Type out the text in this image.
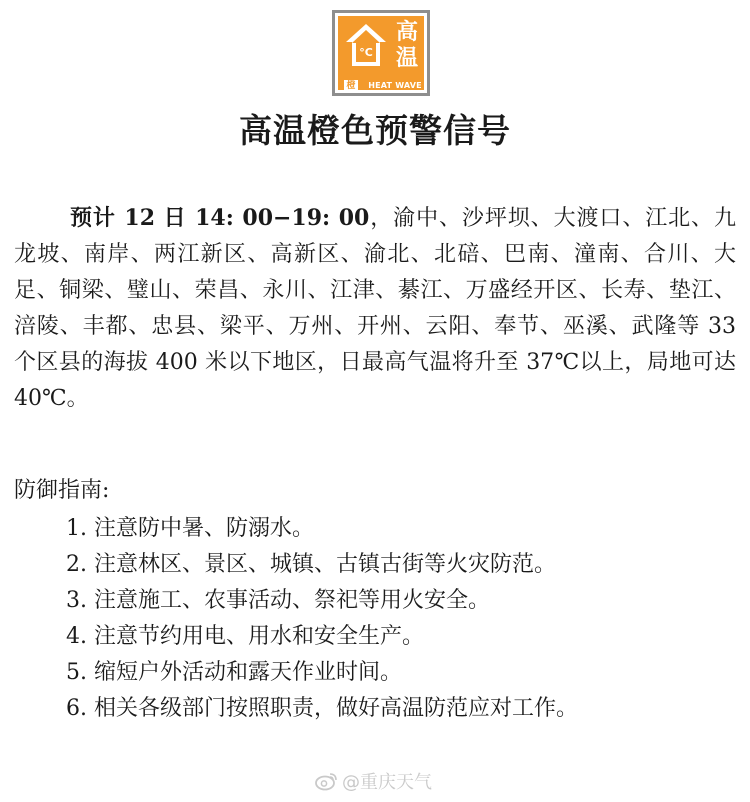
°C
高
温
橙	HEAT WAVE
高温橙色预警信号

预计 12 日 14: 00−19: 00，渝中、沙坪坝、大渡口、江北、九龙坡、南岸、两江新区、高新区、渝北、北碚、巴南、潼南、合川、大足、铜梁、璧山、荣昌、永川、江津、綦江、万盛经开区、长寿、垫江、涪陵、丰都、忠县、梁平、万州、开州、云阳、奉节、巫溪、武隆等 33 个区县的海拔 400 米以下地区，日最高气温将升至 37℃以上，局地可达 40℃。

防御指南:
1. 注意防中暑、防溺水。
2. 注意林区、景区、城镇、古镇古街等火灾防范。
3. 注意施工、农事活动、祭祀等用火安全。
4. 注意节约用电、用水和安全生产。
5. 缩短户外活动和露天作业时间。
6. 相关各级部门按照职责，做好高温防范应对工作。
@重庆天气
